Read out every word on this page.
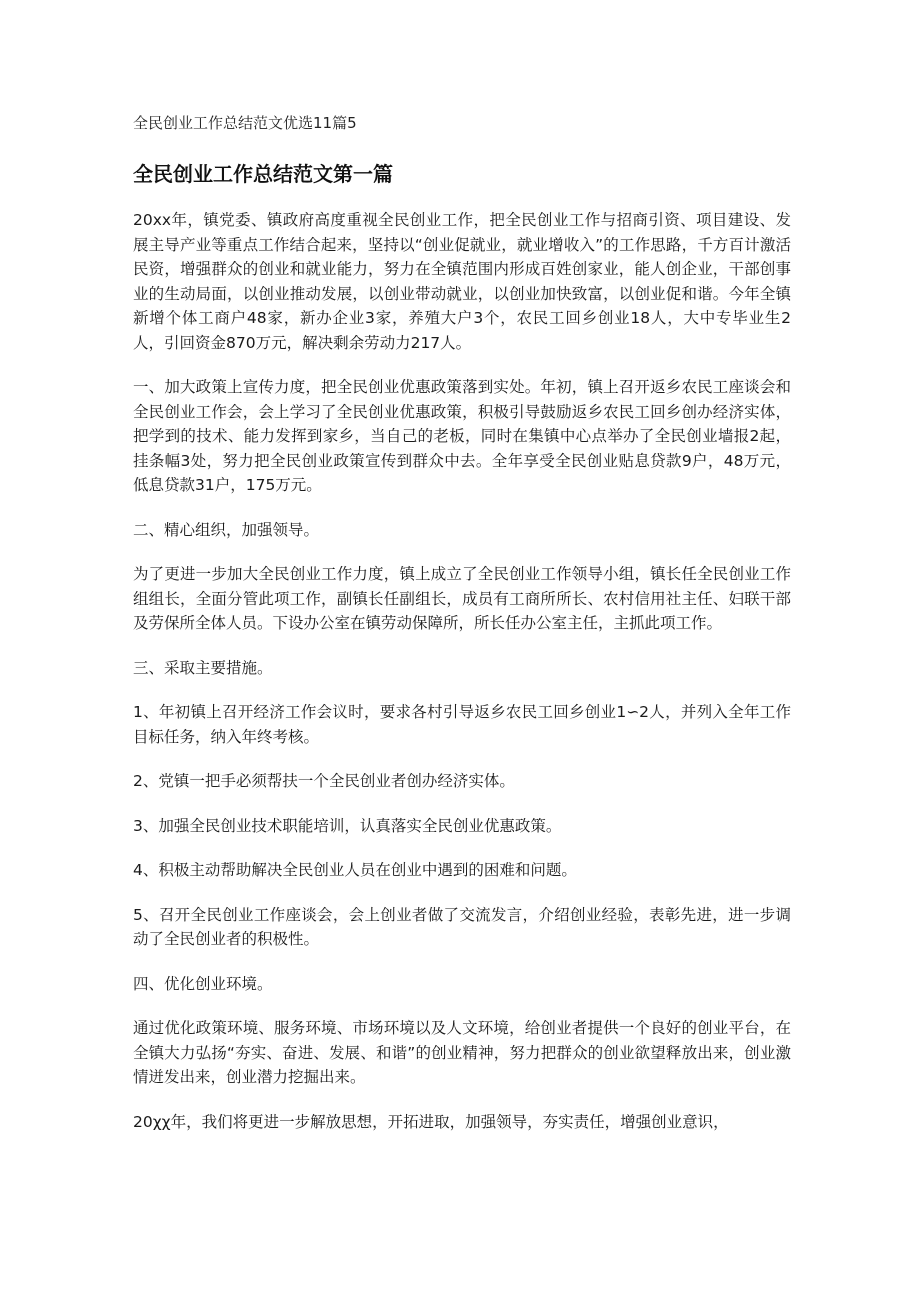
全民创业工作总结范文优选11篇5
全民创业工作总结范文第一篇

20xx年，镇党委、镇政府高度重视全民创业工作，把全民创业工作与招商引资、项目建设、发展主导产业等重点工作结合起来，坚持以“创业促就业，就业增收入”的工作思路，千方百计激活民资，增强群众的创业和就业能力，努力在全镇范围内形成百姓创家业，能人创企业，干部创事业的生动局面，以创业推动发展，以创业带动就业，以创业加快致富，以创业促和谐。今年全镇新增个体工商户48家，新办企业3家，养殖大户3个，农民工回乡创业18人，大中专毕业生2人，引回资金870万元，解决剩余劳动力217人。

一、加大政策上宣传力度，把全民创业优惠政策落到实处。年初，镇上召开返乡农民工座谈会和全民创业工作会，会上学习了全民创业优惠政策，积极引导鼓励返乡农民工回乡创办经济实体，把学到的技术、能力发挥到家乡，当自己的老板，同时在集镇中心点举办了全民创业墙报2起，挂条幅3处，努力把全民创业政策宣传到群众中去。全年享受全民创业贴息贷款9户，48万元，低息贷款31户，175万元。

二、精心组织，加强领导。

为了更进一步加大全民创业工作力度，镇上成立了全民创业工作领导小组，镇长任全民创业工作组组长，全面分管此项工作，副镇长任副组长，成员有工商所所长、农村信用社主任、妇联干部及劳保所全体人员。下设办公室在镇劳动保障所，所长任办公室主任，主抓此项工作。

三、采取主要措施。

1、年初镇上召开经济工作会议时，要求各村引导返乡农民工回乡创业1∽2人，并列入全年工作目标任务，纳入年终考核。

2、党镇一把手必须帮扶一个全民创业者创办经济实体。

3、加强全民创业技术职能培训，认真落实全民创业优惠政策。

4、积极主动帮助解决全民创业人员在创业中遇到的困难和问题。

5、召开全民创业工作座谈会，会上创业者做了交流发言，介绍创业经验，表彰先进，进一步调动了全民创业者的积极性。

四、优化创业环境。

通过优化政策环境、服务环境、市场环境以及人文环境，给创业者提供一个良好的创业平台，在全镇大力弘扬“夯实、奋进、发展、和谐”的创业精神，努力把群众的创业欲望释放出来，创业激情迸发出来，创业潜力挖掘出来。

20χχ年，我们将更进一步解放思想，开拓进取，加强领导，夯实责任，增强创业意识，
